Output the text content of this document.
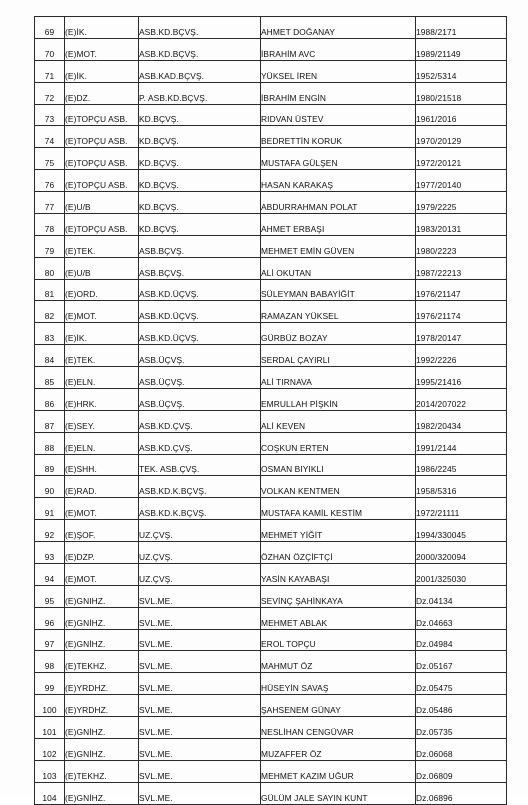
69	(E)İK.	ASB.KD.BÇVŞ.	AHMET DOĞANAY	1988/2171
70	(E)MOT.	ASB.KD.BÇVŞ.	İBRAHİM AVC	1989/21149
71	(E)İK.	ASB.KAD.BÇVŞ.	YÜKSEL İREN	1952/5314
72	(E)DZ.	P. ASB.KD.BÇVŞ.	İBRAHİM ENGİN	1980/21518
73	(E)TOPÇU ASB.	KD.BÇVŞ.	RIDVAN ÜSTEV	1961/2016
74	(E)TOPÇU ASB.	KD.BÇVŞ.	BEDRETTİN KORUK	1970/20129
75	(E)TOPÇU ASB.	KD.BÇVŞ.	MUSTAFA GÜLŞEN	1972/20121
76	(E)TOPÇU ASB.	KD.BÇVŞ.	HASAN KARAKAŞ	1977/20140
77	(E)U/B	KD.BÇVŞ.	ABDURRAHMAN POLAT	1979/2225
78	(E)TOPÇU ASB.	KD.BÇVŞ.	AHMET ERBAŞI	1983/20131
79	(E)TEK.	ASB.BÇVŞ.	MEHMET EMİN GÜVEN	1980/2223
80	(E)U/B	ASB.BÇVŞ.	ALİ OKUTAN	1987/22213
81	(E)ORD.	ASB.KD.ÜÇVŞ.	SÜLEYMAN BABAYİĞİT	1976/21147
82	(E)MOT.	ASB.KD.ÜÇVŞ.	RAMAZAN YÜKSEL	1976/21174
83	(E)İK.	ASB.KD.ÜÇVŞ.	GÜRBÜZ BOZAY	1978/20147
84	(E)TEK.	ASB.ÜÇVŞ.	SERDAL ÇAYIRLI	1992/2226
85	(E)ELN.	ASB.ÜÇVŞ.	ALİ TIRNAVA	1995/21416
86	(E)HRK.	ASB.ÜÇVŞ.	EMRULLAH PİŞKİN	2014/207022
87	(E)SEY.	ASB.KD.ÇVŞ.	ALİ KEVEN	1982/20434
88	(E)ELN.	ASB.KD.ÇVŞ.	COŞKUN ERTEN	1991/2144
89	(E)SHH.	TEK. ASB.ÇVŞ.	OSMAN BIYIKLI	1986/2245
90	(E)RAD.	ASB.KD.K.BÇVŞ.	VOLKAN KENTMEN	1958/5316
91	(E)MOT.	ASB.KD.K.BÇVŞ.	MUSTAFA KAMİL KESTİM	1972/21111
92	(E)ŞOF.	UZ.ÇVŞ.	MEHMET YİĞİT	1994/330045
93	(E)DZP.	UZ.ÇVŞ.	ÖZHAN ÖZÇİFTÇİ	2000/320094
94	(E)MOT.	UZ.ÇVŞ.	YASİN KAYABAŞI	2001/325030
95	(E)GNIHZ.	SVL.ME.	SEVİNÇ ŞAHİNKAYA	Dz.04134
96	(E)GNİHZ.	SVL.ME.	MEHMET ABLAK	Dz.04663
97	(E)GNİHZ.	SVL.ME.	EROL TOPÇU	Dz.04984
98	(E)TEKHZ.	SVL.ME.	MAHMUT ÖZ	Dz.05167
99	(E)YRDHZ.	SVL.ME.	HÜSEYİN SAVAŞ	Dz.05475
100	(E)YRDHZ.	SVL.ME.	ŞAHSENEM GÜNAY	Dz.05486
101	(E)GNİHZ.	SVL.ME.	NESLİHAN CENGÜVAR	Dz.05735
102	(E)GNİHZ.	SVL.ME.	MUZAFFER ÖZ	Dz.06068
103	(E)TEKHZ.	SVL.ME.	MEHMET KAZIM UĞUR	Dz.06809
104	(E)GNİHZ.	SVL.ME.	GÜLÜM JALE SAYIN KUNT	Dz.06896
